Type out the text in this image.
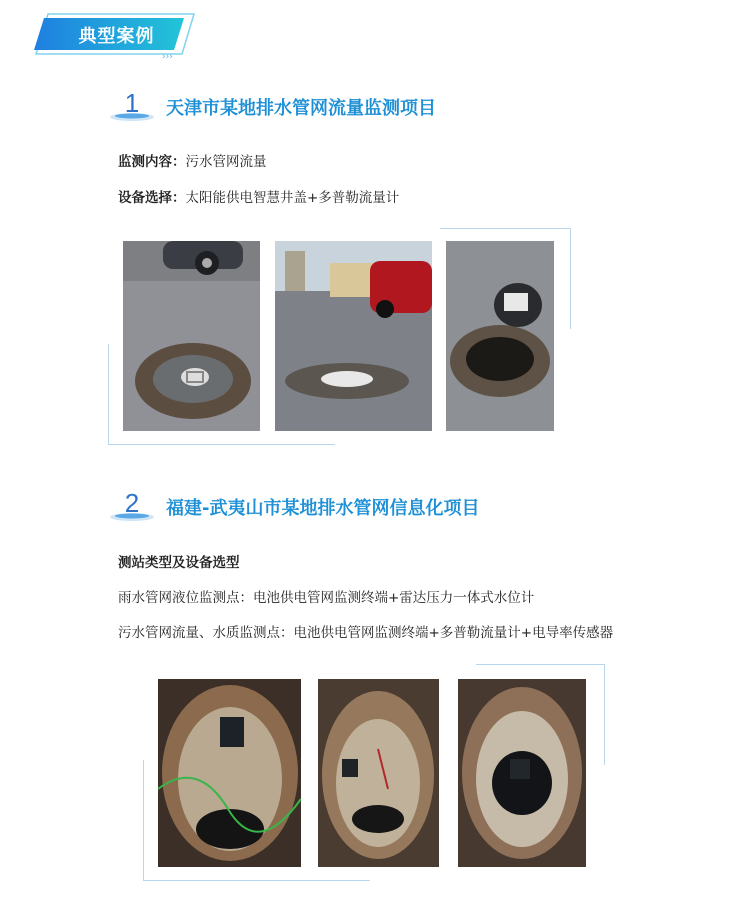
›››
典型案例
1 天津市某地排水管网流量监测项目
监测内容：污水管网流量
设备选择：太阳能供电智慧井盖+多普勒流量计
2 福建-武夷山市某地排水管网信息化项目
测站类型及设备选型
雨水管网液位监测点：电池供电管网监测终端+雷达压力一体式水位计
污水管网流量、水质监测点：电池供电管网监测终端+多普勒流量计+电导率传感器
